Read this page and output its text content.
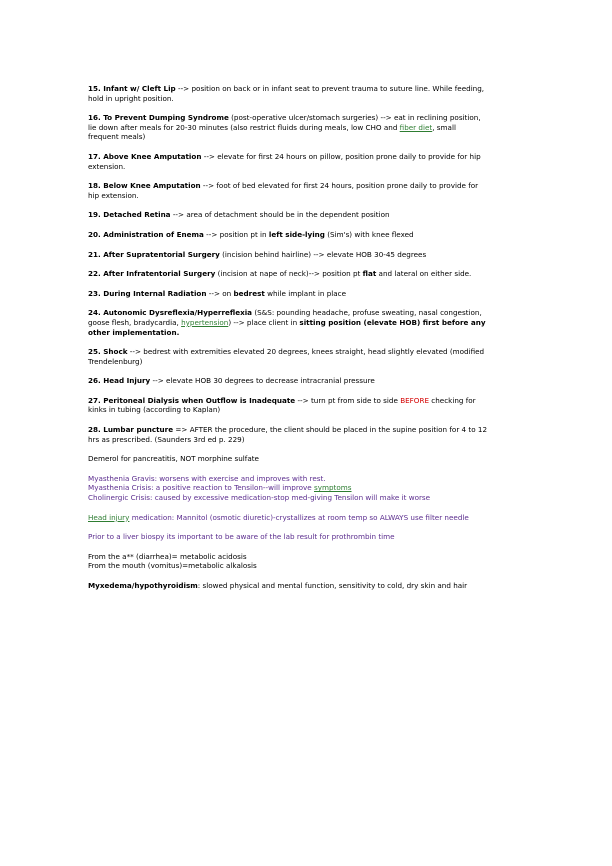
15. Infant w/ Cleft Lip --> position on back or in infant seat to prevent trauma to suture line. While feeding, hold in upright position.

16. To Prevent Dumping Syndrome (post-operative ulcer/stomach surgeries) --> eat in reclining position, lie down after meals for 20-30 minutes (also restrict fluids during meals, low CHO and fiber diet, small frequent meals)

17. Above Knee Amputation --> elevate for first 24 hours on pillow, position prone daily to provide for hip extension.

18. Below Knee Amputation --> foot of bed elevated for first 24 hours, position prone daily to provide for hip extension.

19. Detached Retina --> area of detachment should be in the dependent position

20. Administration of Enema --> position pt in left side-lying (Sim's) with knee flexed

21. After Supratentorial Surgery (incision behind hairline) --> elevate HOB 30-45 degrees

22. After Infratentorial Surgery (incision at nape of neck)--> position pt flat and lateral on either side.

23. During Internal Radiation --> on bedrest while implant in place

24. Autonomic Dysreflexia/Hyperreflexia (S&S: pounding headache, profuse sweating, nasal congestion, goose flesh, bradycardia, hypertension) --> place client in sitting position (elevate HOB) first before any other implementation.

25. Shock --> bedrest with extremities elevated 20 degrees, knees straight, head slightly elevated (modified Trendelenburg)

26. Head Injury --> elevate HOB 30 degrees to decrease intracranial pressure

27. Peritoneal Dialysis when Outflow is Inadequate --> turn pt from side to side BEFORE checking for kinks in tubing (according to Kaplan)

28. Lumbar puncture => AFTER the procedure, the client should be placed in the supine position for 4 to 12 hrs as prescribed. (Saunders 3rd ed p. 229)

Demerol for pancreatitis, NOT morphine sulfate

Myasthenia Gravis: worsens with exercise and improves with rest.
Myasthenia Crisis: a positive reaction to Tensilon--will improve symptoms
Cholinergic Crisis: caused by excessive medication-stop med-giving Tensilon will make it worse

Head injury medication: Mannitol (osmotic diuretic)-crystallizes at room temp so ALWAYS use filter needle

Prior to a liver biospy its important to be aware of the lab result for prothrombin time

From the a** (diarrhea)= metabolic acidosis
From the mouth (vomitus)=metabolic alkalosis

Myxedema/hypothyroidism: slowed physical and mental function, sensitivity to cold, dry skin and hair
